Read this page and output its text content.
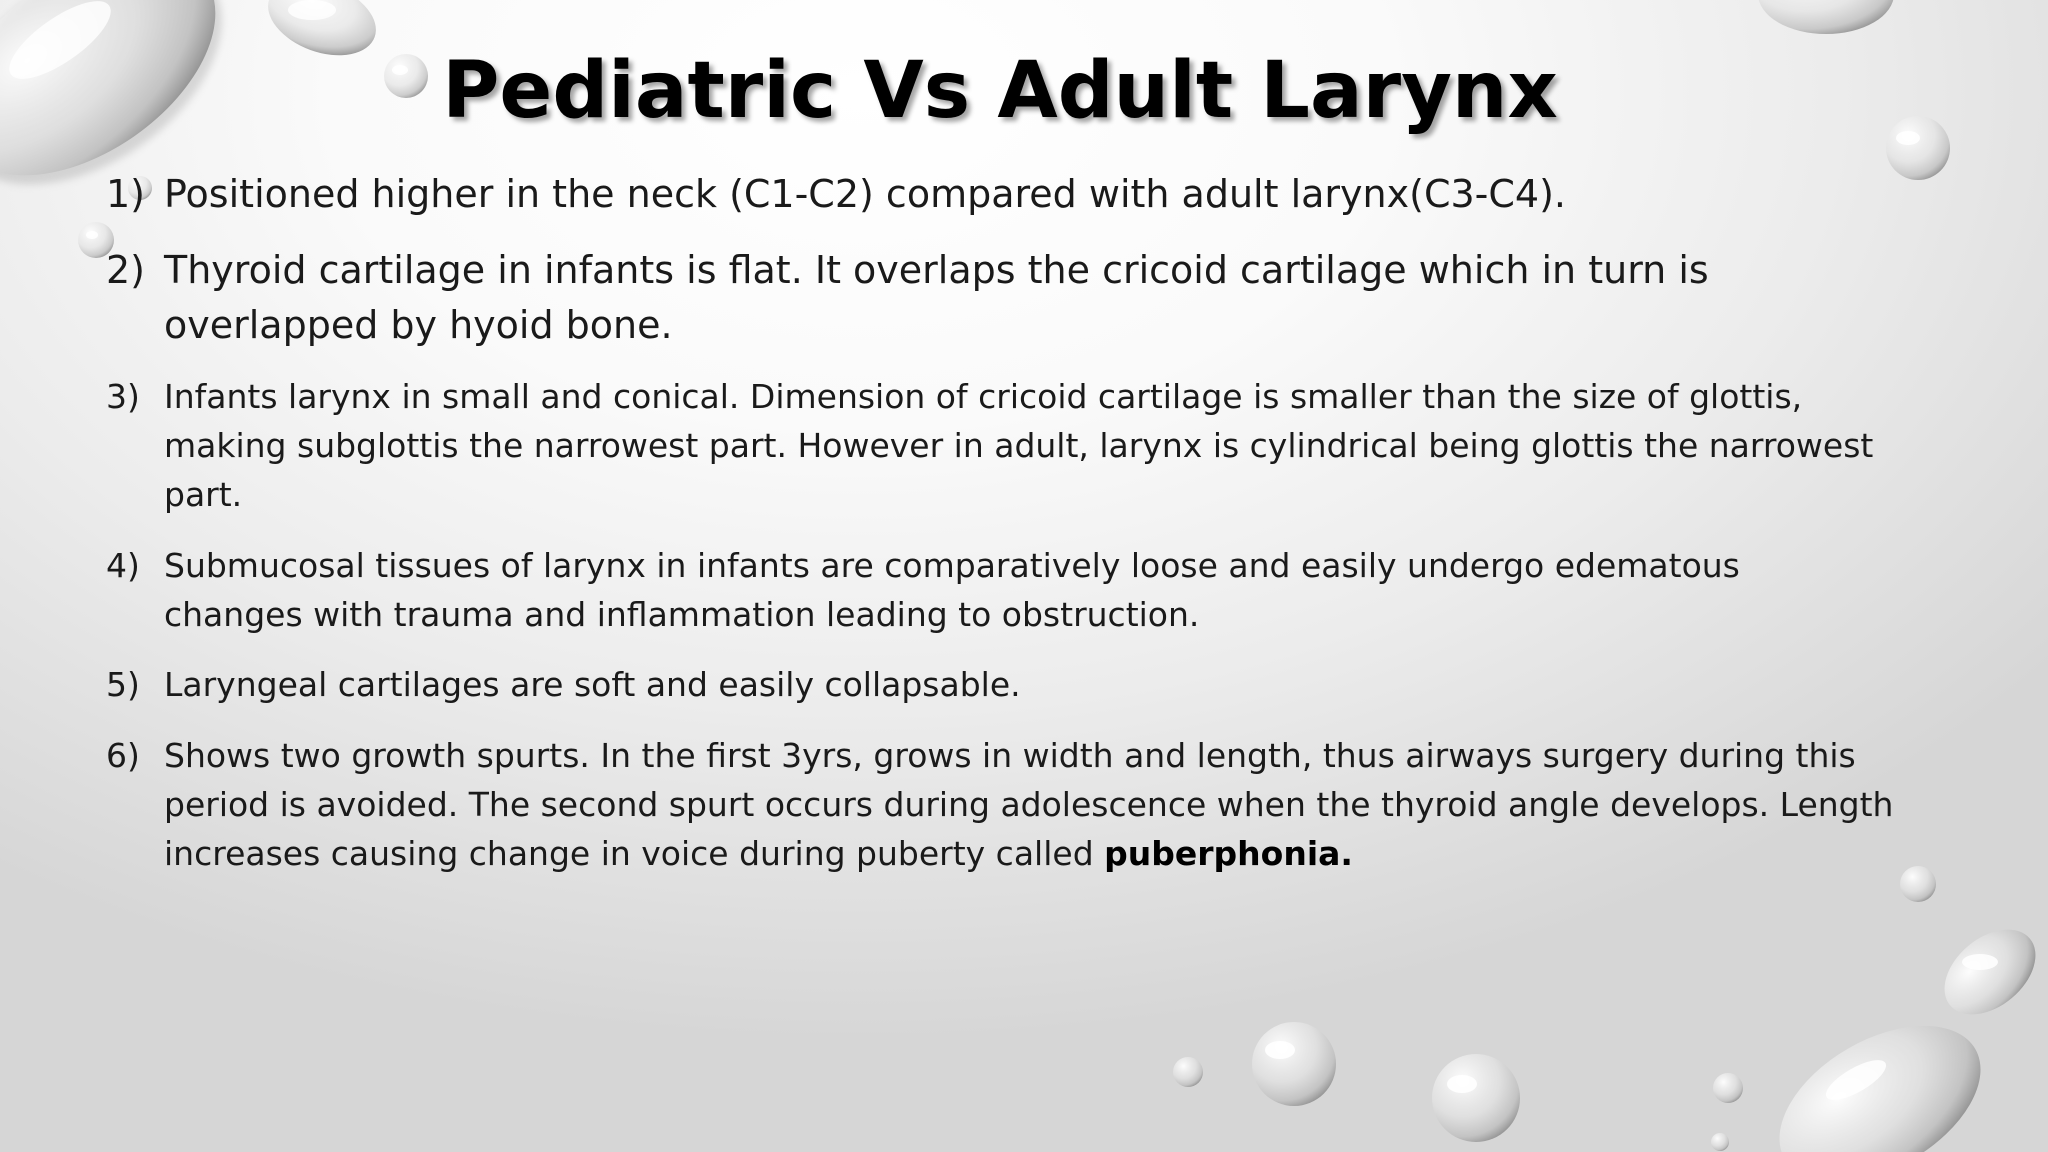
Pediatric Vs Adult Larynx
1) Positioned higher in the neck (C1-C2) compared with adult larynx(C3-C4).
2) Thyroid cartilage in infants is flat. It overlaps the cricoid cartilage which in turn is overlapped by hyoid bone.
3) Infants larynx in small and conical. Dimension of cricoid cartilage is smaller than the size of glottis, making subglottis the narrowest part. However in adult, larynx is cylindrical being glottis the narrowest part.
4) Submucosal tissues of larynx in infants are comparatively loose and easily undergo edematous changes with trauma and inflammation leading to obstruction.
5) Laryngeal cartilages are soft and easily collapsable.
6) Shows two growth spurts. In the first 3yrs, grows in width and length, thus airways surgery during this period is avoided. The second spurt occurs during adolescence when the thyroid angle develops. Length increases causing change in voice during puberty called puberphonia.
